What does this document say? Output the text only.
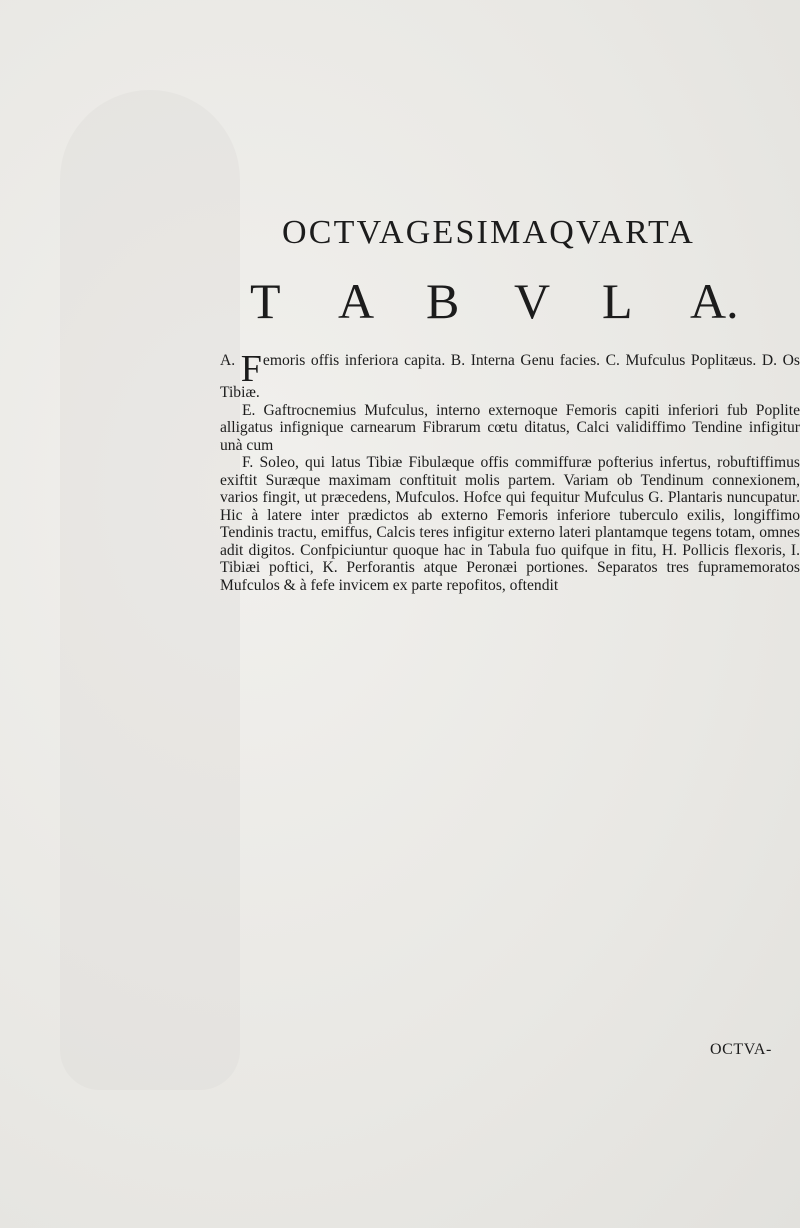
OCTVAGESIMAQVARTA
T A B V L A.

A. Femoris offis inferiora capita. B. Interna Genu facies. C. Mufculus Poplitæus. D. Os Tibiæ.

E. Gaftrocnemius Mufculus, interno externoque Femoris capiti inferiori fub Poplite alligatus infignique carnearum Fibrarum cœtu ditatus, Calci validiffimo Tendine infigitur unà cum

F. Soleo, qui latus Tibiæ Fibulæque offis commiffuræ pofterius infertus, robuftiffimus exiftit Suræque maximam conftituit molis partem. Variam ob Tendinum connexionem, varios fingit, ut præcedens, Mufculos. Hofce qui fequitur Mufculus G. Plantaris nuncupatur. Hic à latere inter prædictos ab externo Femoris inferiore tuberculo exilis, longiffimo Tendinis tractu, emiffus, Calcis teres infigitur externo lateri plantamque tegens totam, omnes adit digitos. Confpiciuntur quoque hac in Tabula fuo quifque in fitu, H. Pollicis flexoris, I. Tibiæi poftici, K. Perforantis atque Peronæi portiones. Separatos tres fupramemoratos Mufculos & à fefe invicem ex parte repofitos, oftendit

OCTVA-
